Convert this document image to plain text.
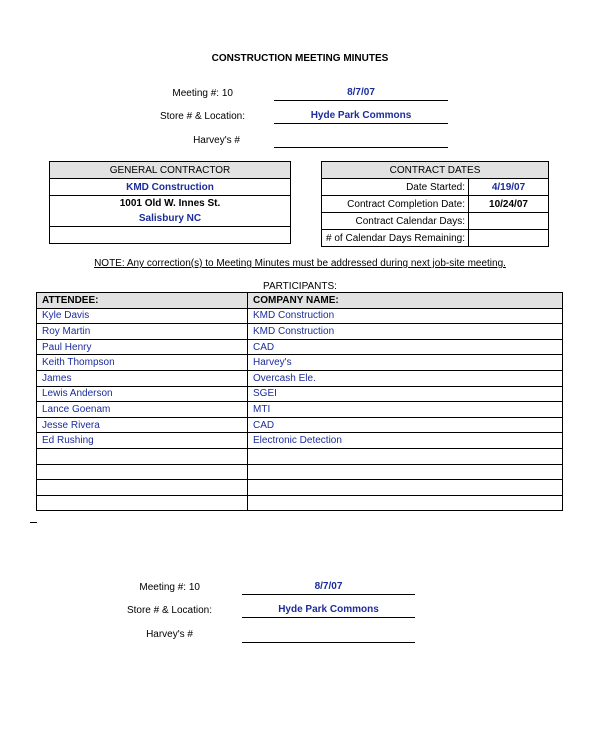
CONSTRUCTION MEETING MINUTES
Meeting #: 10	8/7/07
Store # & Location:	Hyde Park Commons
Harvey's #
GENERAL CONTRACTOR
KMD Construction
1001 Old W. Innes St.
Salisbury NC

CONTRACT DATES	
Date Started:	4/19/07
Contract Completion Date:	10/24/07
Contract Calendar Days:	
# of Calendar Days Remaining:	
NOTE: Any correction(s) to Meeting Minutes must be addressed during next job-site meeting.
PARTICIPANTS:
ATTENDEE:	COMPANY NAME:
Kyle Davis	KMD Construction
Roy Martin	KMD Construction
Paul Henry	CAD
Keith Thompson	Harvey's
James	Overcash Ele.
Lewis Anderson	SGEI
Lance Goenam	MTI
Jesse Rivera	CAD
Ed Rushing	Electronic Detection

Meeting #: 10	8/7/07
Store # & Location:	Hyde Park Commons
Harvey's #
